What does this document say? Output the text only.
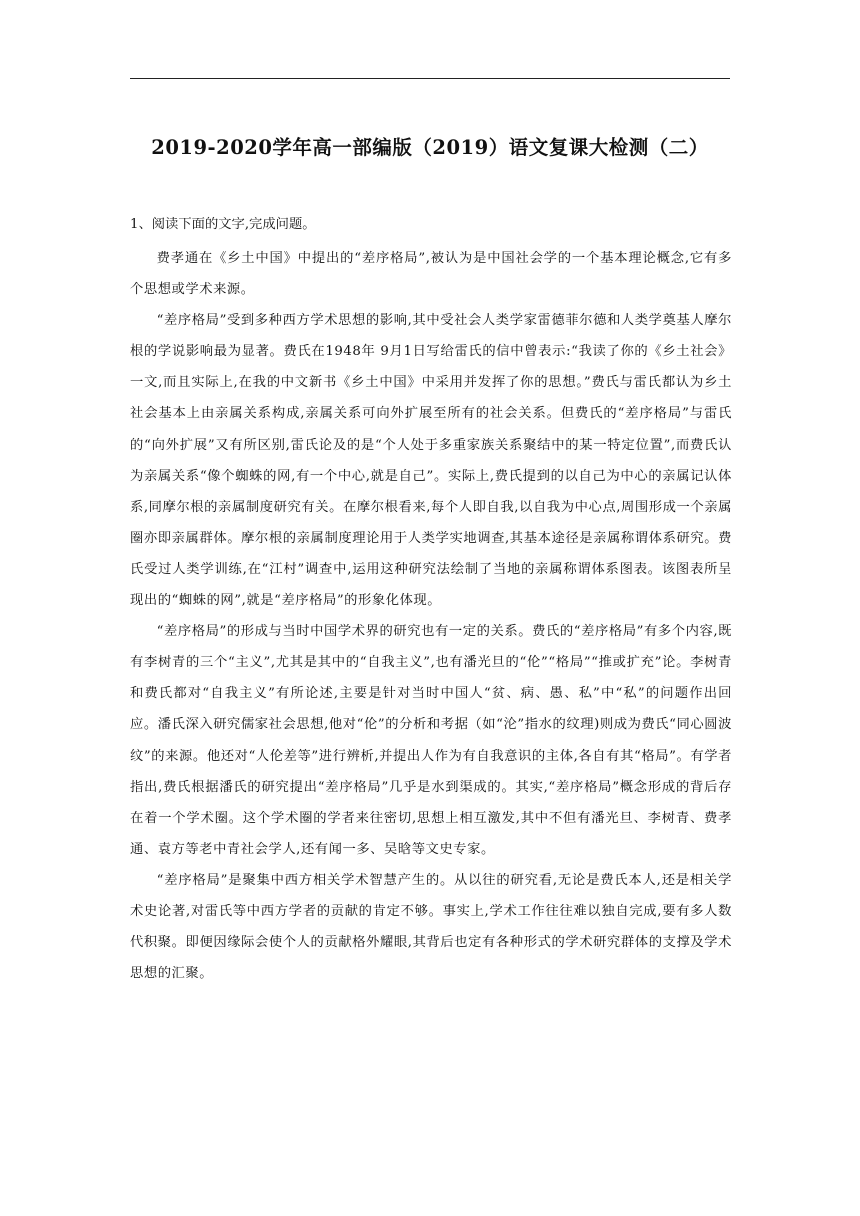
2019-2020学年高一部编版（2019）语文复课大检测（二）
1、阅读下面的文字,完成问题。

费孝通在《乡土中国》中提出的“差序格局”,被认为是中国社会学的一个基本理论概念,它有多个思想或学术来源。

“差序格局”受到多种西方学术思想的影响,其中受社会人类学家雷德菲尔德和人类学奠基人摩尔根的学说影响最为显著。费氏在1948年 9月1日写给雷氏的信中曾表示:“我读了你的《乡土社会》一文,而且实际上,在我的中文新书《乡土中国》中采用并发挥了你的思想。”费氏与雷氏都认为乡土社会基本上由亲属关系构成,亲属关系可向外扩展至所有的社会关系。但费氏的“差序格局”与雷氏的“向外扩展”又有所区别,雷氏论及的是“个人处于多重家族关系聚结中的某一特定位置”,而费氏认为亲属关系“像个蜘蛛的网,有一个中心,就是自己”。实际上,费氏提到的以自己为中心的亲属记认体系,同摩尔根的亲属制度研究有关。在摩尔根看来,每个人即自我,以自我为中心点,周围形成一个亲属圈亦即亲属群体。摩尔根的亲属制度理论用于人类学实地调查,其基本途径是亲属称谓体系研究。费氏受过人类学训练,在“江村”调查中,运用这种研究法绘制了当地的亲属称谓体系图表。该图表所呈现出的“蜘蛛的网”,就是“差序格局”的形象化体现。

“差序格局”的形成与当时中国学术界的研究也有一定的关系。费氏的“差序格局”有多个内容,既有李树青的三个“主义”,尤其是其中的“自我主义”,也有潘光旦的“伦”“格局”“推或扩充”论。李树青和费氏都对“自我主义”有所论述,主要是针对当时中国人“贫、病、愚、私”中“私”的问题作出回应。潘氏深入研究儒家社会思想,他对“伦”的分析和考据（如“沦”指水的纹理)则成为费氏“同心圆波纹”的来源。他还对“人伦差等”进行辨析,并提出人作为有自我意识的主体,各自有其“格局”。有学者指出,费氏根据潘氏的研究提出“差序格局”几乎是水到渠成的。其实,“差序格局”概念形成的背后存在着一个学术圈。这个学术圈的学者来往密切,思想上相互激发,其中不但有潘光旦、李树青、费孝通、袁方等老中青社会学人,还有闻一多、吴晗等文史专家。

“差序格局”是聚集中西方相关学术智慧产生的。从以往的研究看,无论是费氏本人,还是相关学术史论著,对雷氏等中西方学者的贡献的肯定不够。事实上,学术工作往往难以独自完成,要有多人数代积聚。即便因缘际会使个人的贡献格外耀眼,其背后也定有各种形式的学术研究群体的支撑及学术思想的汇聚。
